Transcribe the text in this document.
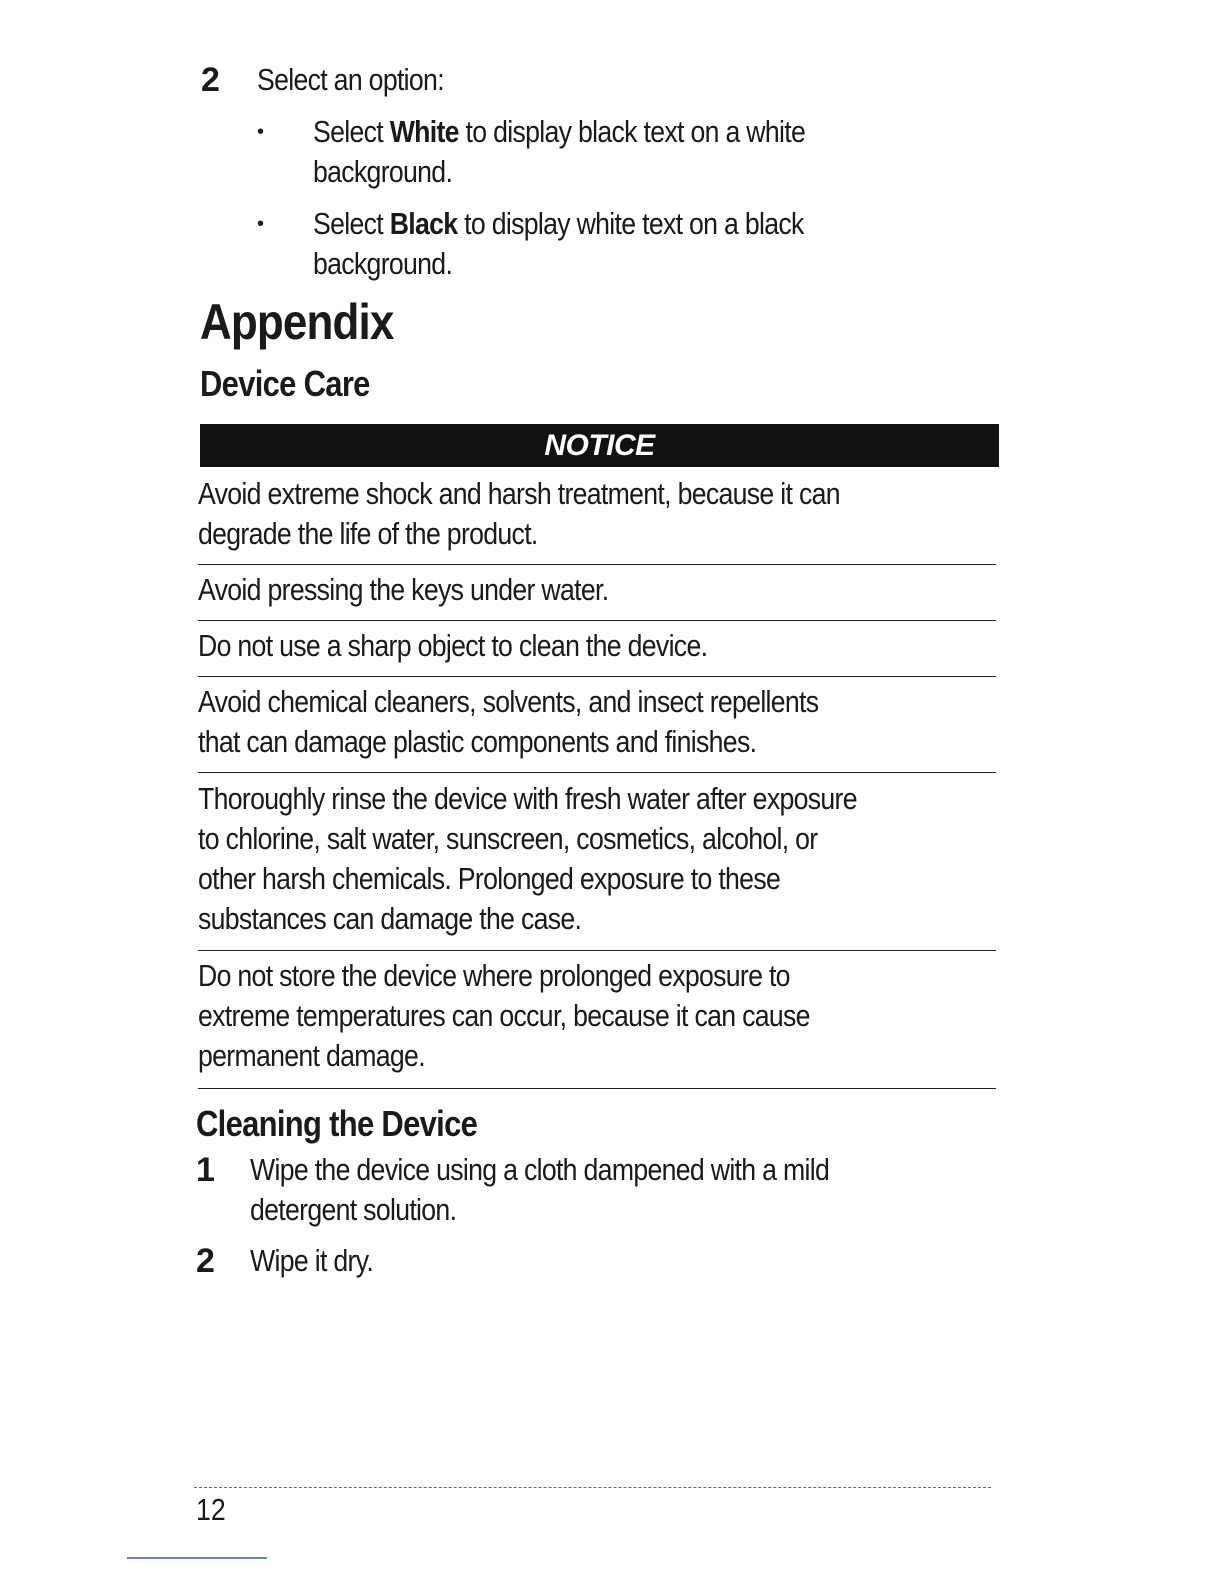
2 Select an option:
• Select White to display black text on a white
background.
• Select Black to display white text on a black
background.
Appendix
Device Care
NOTICE
Avoid extreme shock and harsh treatment, because it can
degrade the life of the product.
Avoid pressing the keys under water.
Do not use a sharp object to clean the device.
Avoid chemical cleaners, solvents, and insect repellents
that can damage plastic components and finishes.
Thoroughly rinse the device with fresh water after exposure
to chlorine, salt water, sunscreen, cosmetics, alcohol, or
other harsh chemicals. Prolonged exposure to these
substances can damage the case.
Do not store the device where prolonged exposure to
extreme temperatures can occur, because it can cause
permanent damage.
Cleaning the Device
1 Wipe the device using a cloth dampened with a mild
detergent solution.
2 Wipe it dry.
12
